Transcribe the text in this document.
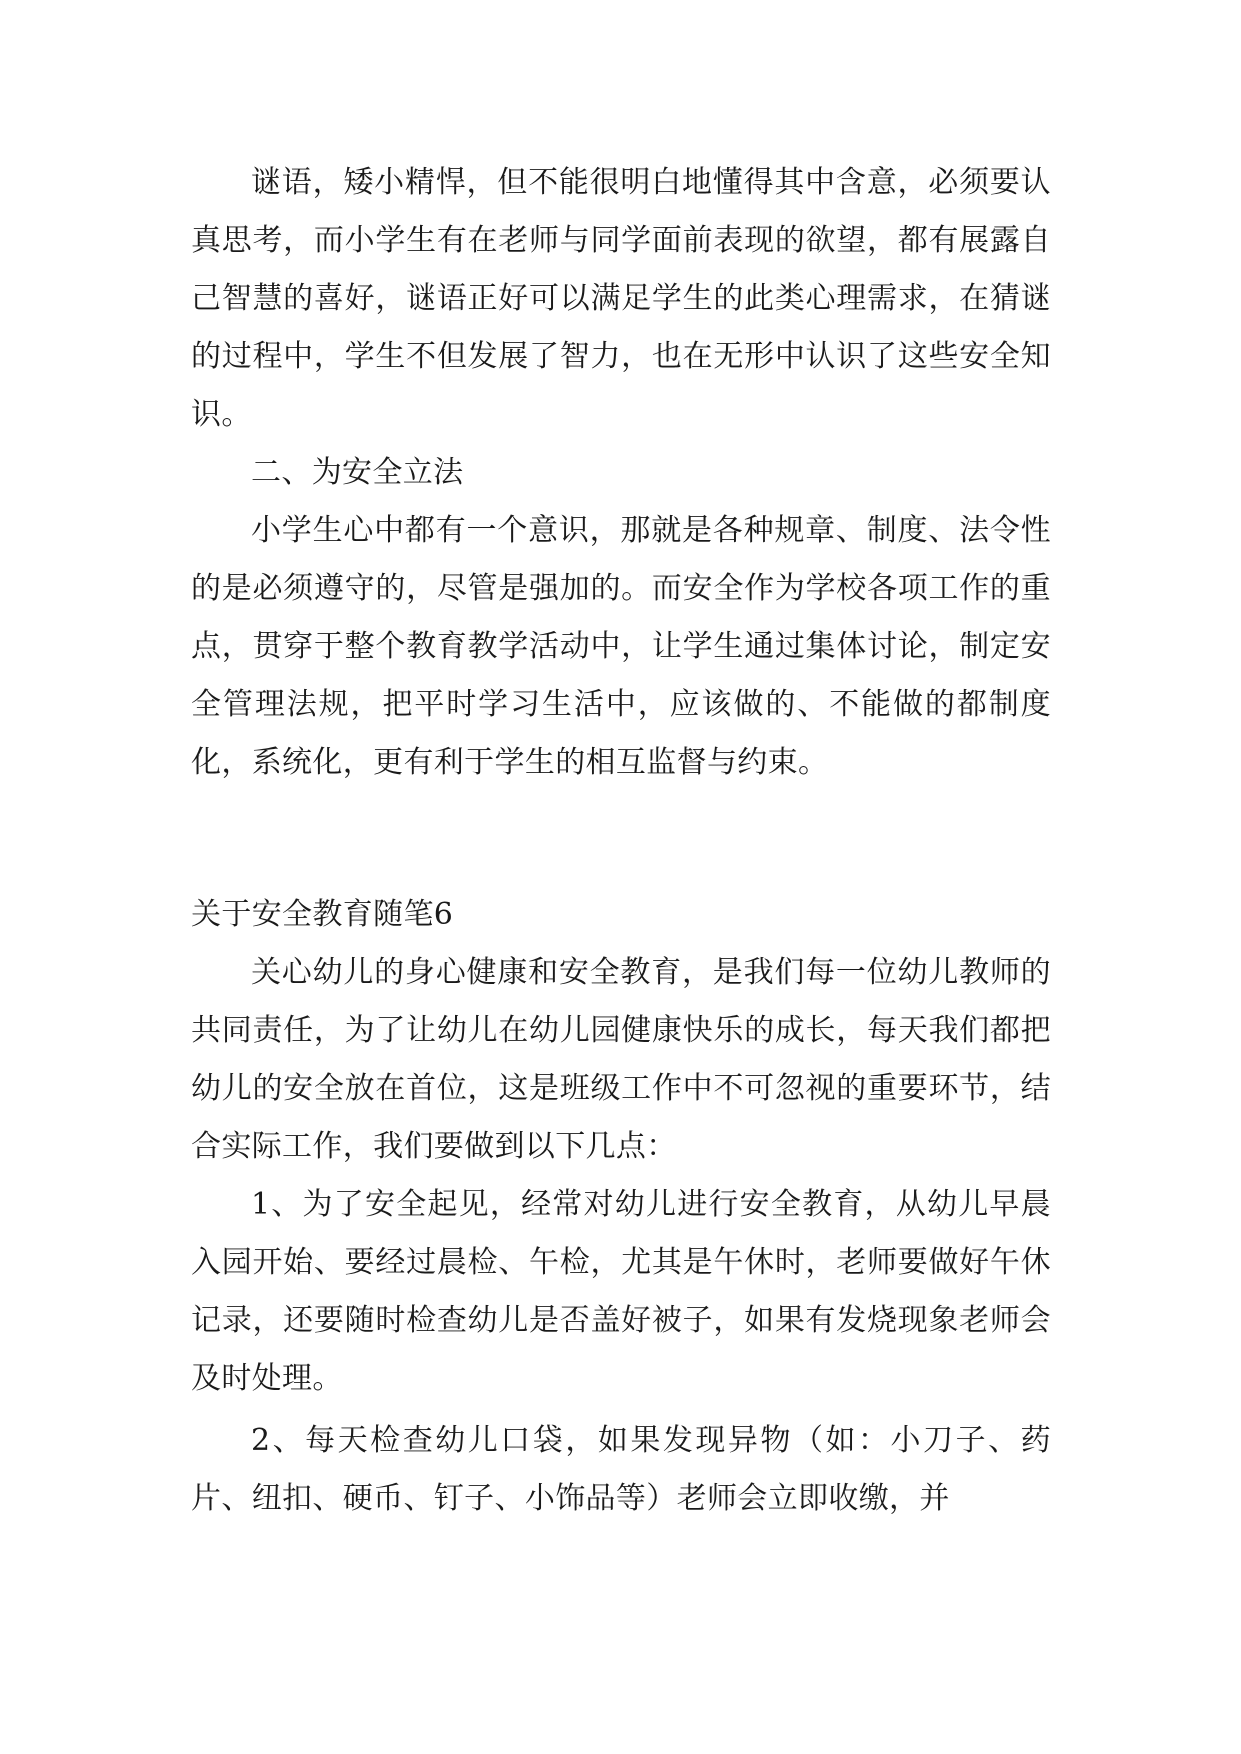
谜语，矮小精悍，但不能很明白地懂得其中含意，必须要认真思考，而小学生有在老师与同学面前表现的欲望，都有展露自己智慧的喜好，谜语正好可以满足学生的此类心理需求，在猜谜的过程中，学生不但发展了智力，也在无形中认识了这些安全知识。

二、为安全立法

小学生心中都有一个意识，那就是各种规章、制度、法令性的是必须遵守的，尽管是强加的。而安全作为学校各项工作的重点，贯穿于整个教育教学活动中，让学生通过集体讨论，制定安全管理法规，把平时学习生活中，应该做的、不能做的都制度化，系统化，更有利于学生的相互监督与约束。

关于安全教育随笔6

关心幼儿的身心健康和安全教育，是我们每一位幼儿教师的共同责任，为了让幼儿在幼儿园健康快乐的成长，每天我们都把幼儿的安全放在首位，这是班级工作中不可忽视的重要环节，结合实际工作，我们要做到以下几点：

1、为了安全起见，经常对幼儿进行安全教育，从幼儿早晨入园开始、要经过晨检、午检，尤其是午休时，老师要做好午休记录，还要随时检查幼儿是否盖好被子，如果有发烧现象老师会及时处理。

2、每天检查幼儿口袋，如果发现异物（如：小刀子、药片、纽扣、硬币、钉子、小饰品等）老师会立即收缴，并
